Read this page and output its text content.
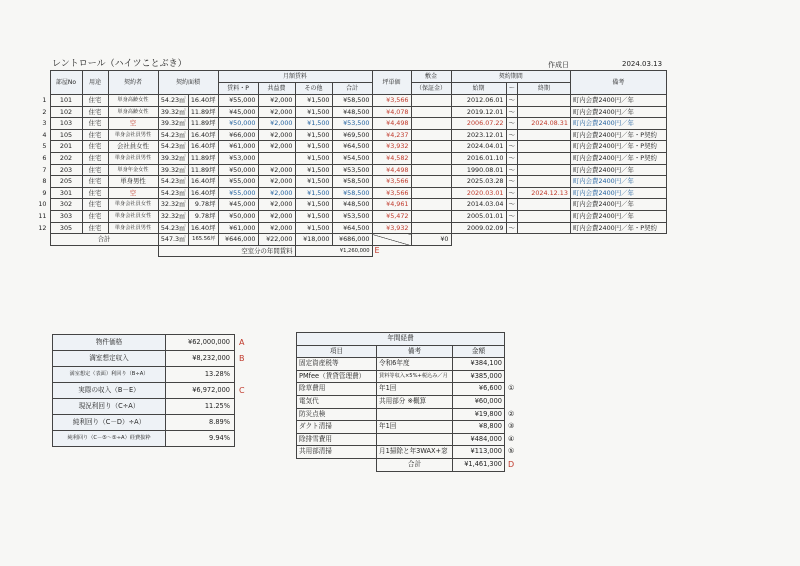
レントロール（ハイツことぶき）	作成日	2024.03.13
	部屋No	用途	契約者	契約面積		月額賃料				坪単価	敷金	契約期間			備考
						賃料・P	共益費	その他	合計		（保証金）	始期	〜	終期	
1	101	住宅	単身高齢女性	54.23㎡	16.40坪	¥55,000	¥2,000	¥1,500	¥58,500	¥3,566		2012.06.01	〜		町内会費2400円／年
2	102	住宅	単身高齢女性	39.32㎡	11.89坪	¥45,000	¥2,000	¥1,500	¥48,500	¥4,078		2019.12.01	〜		町内会費2400円／年
3	103	住宅	空	39.32㎡	11.89坪	¥50,000	¥2,000	¥1,500	¥53,500	¥4,498		2006.07.22	〜	2024.08.31	町内会費2400円／年
4	105	住宅	単身会社員男性	54.23㎡	16.40坪	¥66,000	¥2,000	¥1,500	¥69,500	¥4,237		2023.12.01	〜		町内会費2400円／年・P契約
5	201	住宅	会社員女性	54.23㎡	16.40坪	¥61,000	¥2,000	¥1,500	¥64,500	¥3,932		2024.04.01	〜		町内会費2400円／年・P契約
6	202	住宅	単身会社員男性	39.32㎡	11.89坪	¥53,000		¥1,500	¥54,500	¥4,582		2016.01.10	〜		町内会費2400円／年・P契約
7	203	住宅	単身年金女性	39.32㎡	11.89坪	¥50,000	¥2,000	¥1,500	¥53,500	¥4,498		1990.08.01	〜		町内会費2400円／年
8	205	住宅	単身男性	54.23㎡	16.40坪	¥55,000	¥2,000	¥1,500	¥58,500	¥3,566		2025.03.28	〜		町内会費2400円／年
9	301	住宅	空	54.23㎡	16.40坪	¥55,000	¥2,000	¥1,500	¥58,500	¥3,566		2020.03.01	〜	2024.12.13	町内会費2400円／年
10	302	住宅	単身会社員女性	32.32㎡	9.78坪	¥45,000	¥2,000	¥1,500	¥48,500	¥4,961		2014.03.04	〜		町内会費2400円／年
11	303	住宅	単身会社員女性	32.32㎡	9.78坪	¥50,000	¥2,000	¥1,500	¥53,500	¥5,472		2005.01.01	〜		町内会費2400円／年
12	305	住宅	単身会社員男性	54.23㎡	16.40坪	¥61,000	¥2,000	¥1,500	¥64,500	¥3,932		2009.02.09	〜		町内会費2400円／年・P契約
	合計			547.3㎡	165.56坪	¥646,000	¥22,000	¥18,000	¥686,000		¥0				
				空室分の年間賃料				¥1,260,000		E					
物件価格	¥62,000,000	A
満室想定収入	¥8,232,000	B
満室想定（表面）利回り（B÷A）	13.28%	
実際の収入（B－E）	¥6,972,000	C
現況利回り（C÷A）	11.25%	
純利回り（C－D）÷A）	8.89%	
純利回り（C－⑤～⑤÷A）経費抜粋	9.94%	
年間経費			
項目	備考	金額	
固定資産税等	令和6年度	¥384,100	
PMfee（賃貸管理費）	賃料等収入×5%+税込み／月	¥385,000	
除草費用	年1回	¥6,600	①
電気代	共用部分 ※概算	¥60,000	
防災点検		¥19,800	②
ダクト清掃	年1回	¥8,800	③
除排雪費用		¥484,000	④
共用部清掃	月1掃除と年3WAX+窓	¥113,000	⑤
	合計	¥1,461,300	D
